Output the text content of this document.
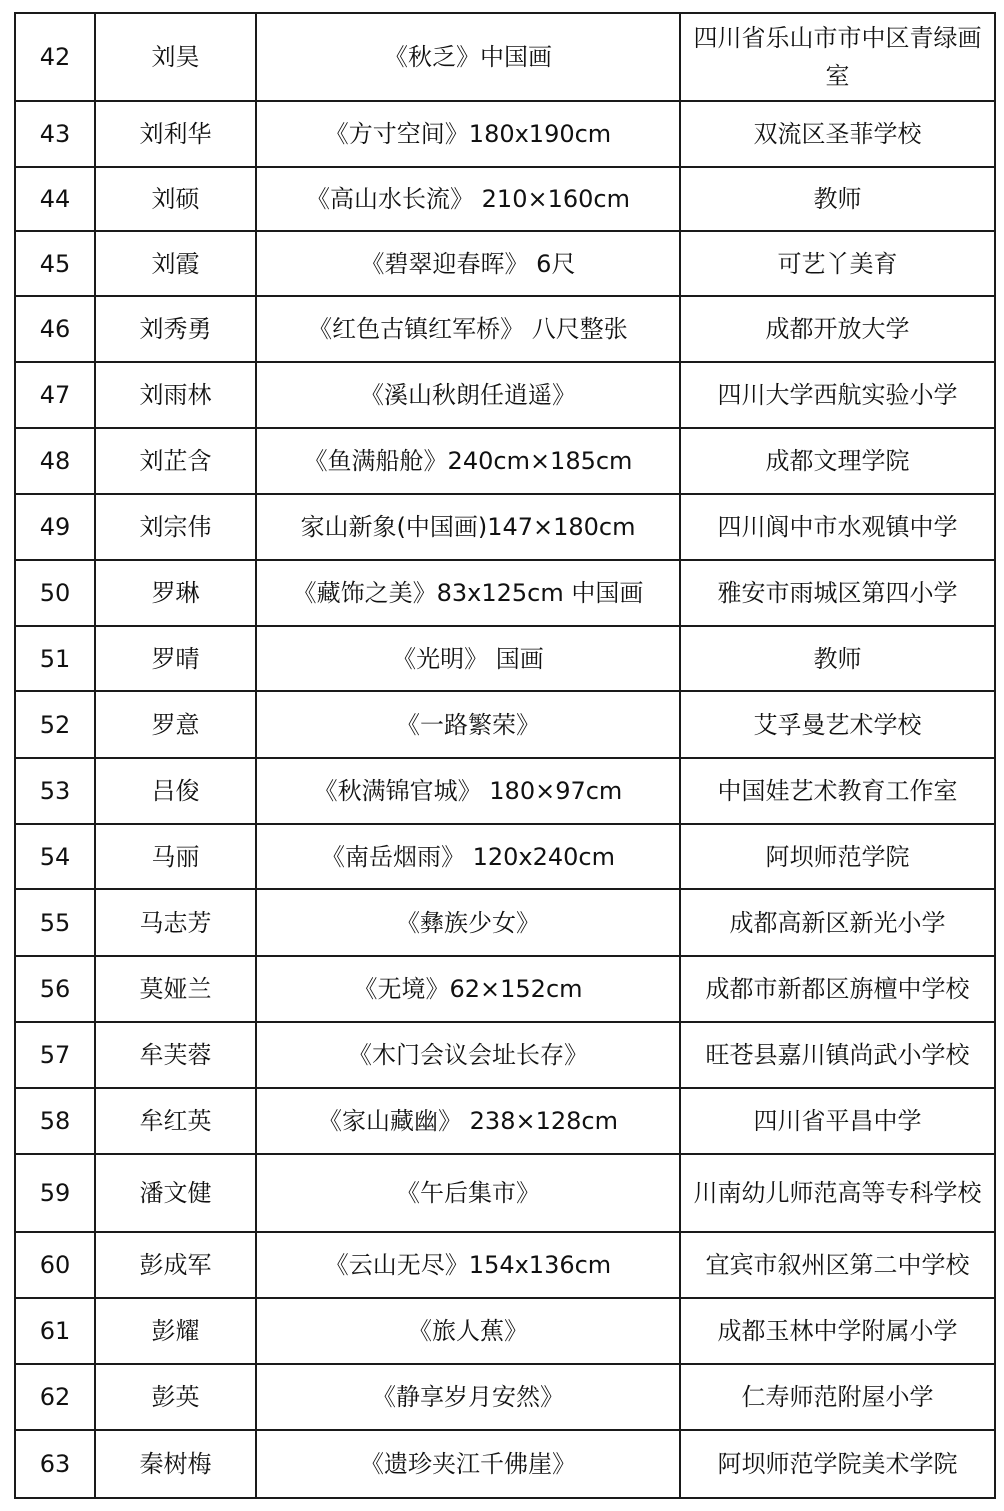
42	刘昊	《秋乏》中国画	四川省乐山市市中区青绿画室
43	刘利华	《方寸空间》180x190cm	双流区圣菲学校
44	刘硕	《高山水长流》 210×160cm	教师
45	刘霞	《碧翠迎春晖》 6尺	可艺丫美育
46	刘秀勇	《红色古镇红军桥》 八尺整张	成都开放大学
47	刘雨林	《溪山秋朗任逍遥》	四川大学西航实验小学
48	刘芷含	《鱼满船舱》240cm×185cm	成都文理学院
49	刘宗伟	家山新象(中国画)147×180cm	四川阆中市水观镇中学
50	罗琳	《藏饰之美》83x125cm 中国画	雅安市雨城区第四小学
51	罗晴	《光明》 国画	教师
52	罗意	《一路繁荣》	艾孚曼艺术学校
53	吕俊	《秋满锦官城》 180×97cm	中国娃艺术教育工作室
54	马丽	《南岳烟雨》 120x240cm	阿坝师范学院
55	马志芳	《彝族少女》	成都高新区新光小学
56	莫娅兰	《无境》62×152cm	成都市新都区旃檀中学校
57	牟芙蓉	《木门会议会址长存》	旺苍县嘉川镇尚武小学校
58	牟红英	《家山藏幽》 238×128cm	四川省平昌中学
59	潘文健	《午后集市》	川南幼儿师范高等专科学校
60	彭成军	《云山无尽》154x136cm	宜宾市叙州区第二中学校
61	彭耀	《旅人蕉》	成都玉林中学附属小学
62	彭英	《静享岁月安然》	仁寿师范附屋小学
63	秦树梅	《遗珍夹江千佛崖》	阿坝师范学院美术学院
